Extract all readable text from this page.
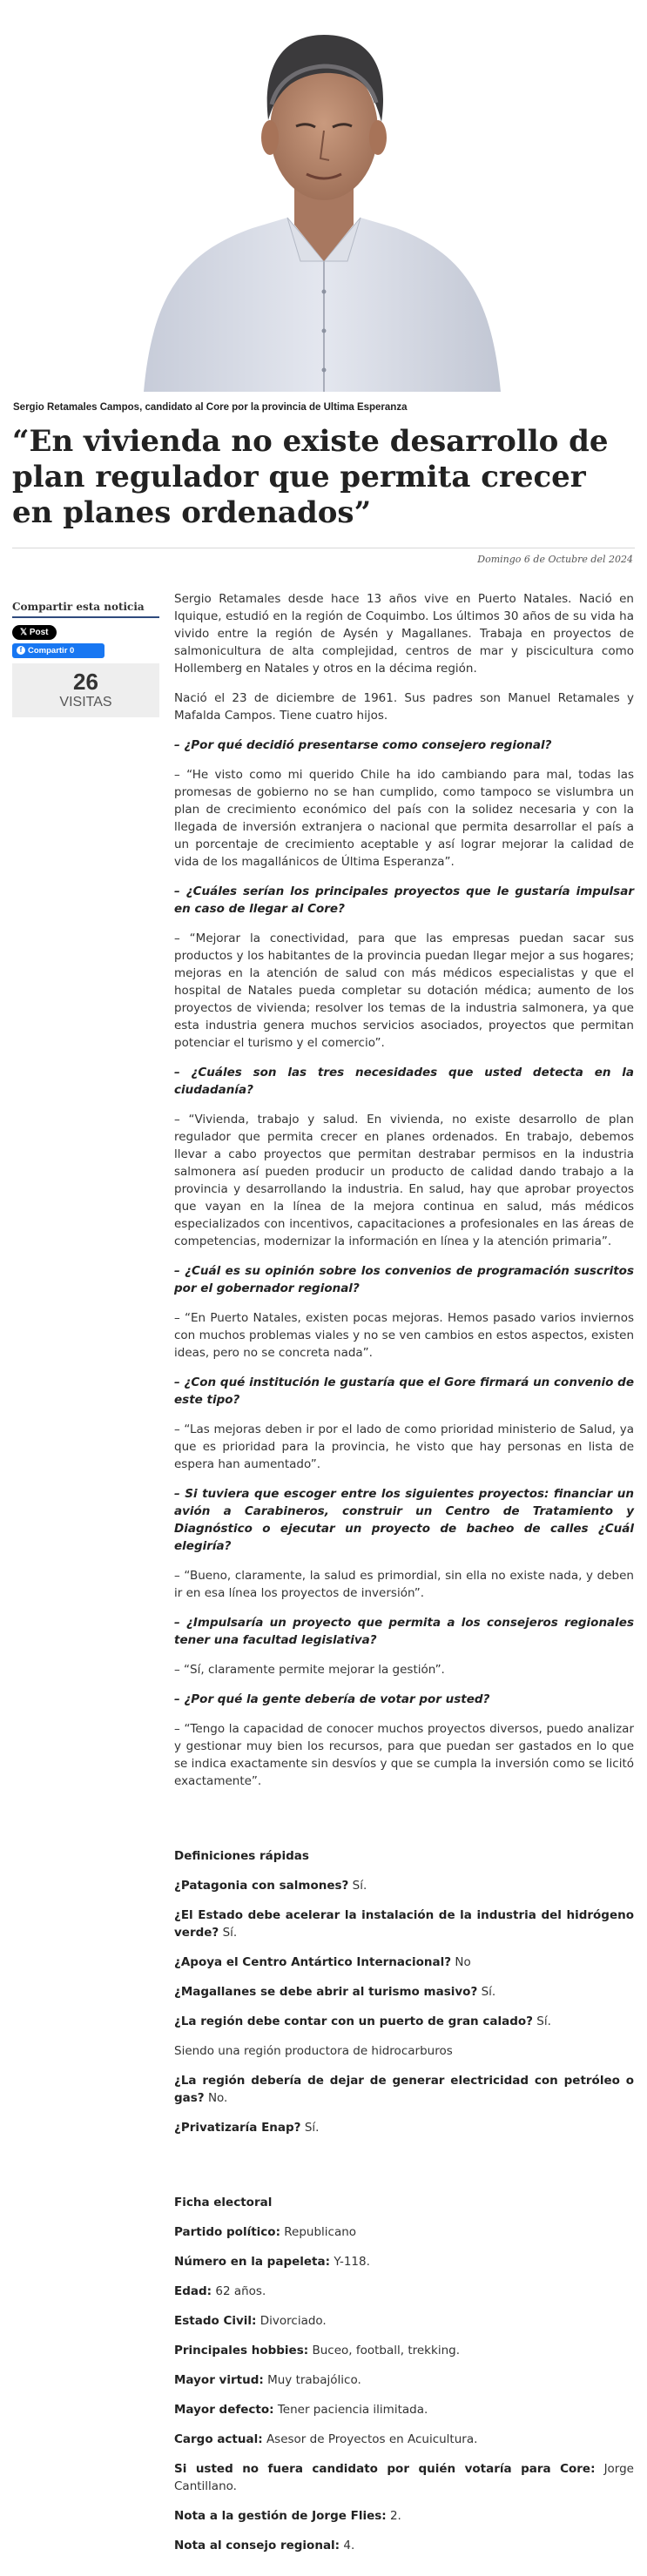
Sergio Retamales Campos, candidato al Core por la provincia de Ultima Esperanza
“En vivienda no existe desarrollo de plan regulador que permita crecer en planes ordenados”
Domingo 6 de Octubre del 2024
Compartir esta noticia
𝕏 Post
f Compartir 0
26
VISITAS

Sergio Retamales desde hace 13 años vive en Puerto Natales. Nació en Iquique, estudió en la región de Coquimbo. Los últimos 30 años de su vida ha vivido entre la región de Aysén y Magallanes. Trabaja en proyectos de salmonicultura de alta complejidad, centros de mar y piscicultura como Hollemberg en Natales y otros en la décima región.

Nació el 23 de diciembre de 1961. Sus padres son Manuel Retamales y Mafalda Campos. Tiene cuatro hijos.

– ¿Por qué decidió presentarse como consejero regional?

– “He visto como mi querido Chile ha ido cambiando para mal, todas las promesas de gobierno no se han cumplido, como tampoco se vislumbra un plan de crecimiento económico del país con la solidez necesaria y con la llegada de inversión extranjera o nacional que permita desarrollar el país a un porcentaje de crecimiento aceptable y así lograr mejorar la calidad de vida de los magallánicos de Última Esperanza”.

– ¿Cuáles serían los principales proyectos que le gustaría impulsar en caso de llegar al Core?

– “Mejorar la conectividad, para que las empresas puedan sacar sus productos y los habitantes de la provincia puedan llegar mejor a sus hogares; mejoras en la atención de salud con más médicos especialistas y que el hospital de Natales pueda completar su dotación médica; aumento de los proyectos de vivienda; resolver los temas de la industria salmonera, ya que esta industria genera muchos servicios asociados, proyectos que permitan potenciar el turismo y el comercio”.

– ¿Cuáles son las tres necesidades que usted detecta en la ciudadanía?

– “Vivienda, trabajo y salud. En vivienda, no existe desarrollo de plan regulador que permita crecer en planes ordenados. En trabajo, debemos llevar a cabo proyectos que permitan destrabar permisos en la industria salmonera así pueden producir un producto de calidad dando trabajo a la provincia y desarrollando la industria. En salud, hay que aprobar proyectos que vayan en la línea de la mejora continua en salud, más médicos especializados con incentivos, capacitaciones a profesionales en las áreas de competencias, modernizar la información en línea y la atención primaria”.

– ¿Cuál es su opinión sobre los convenios de programación suscritos por el gobernador regional?

– “En Puerto Natales, existen pocas mejoras. Hemos pasado varios inviernos con muchos problemas viales y no se ven cambios en estos aspectos, existen ideas, pero no se concreta nada”.

– ¿Con qué institución le gustaría que el Gore firmará un convenio de este tipo?

– “Las mejoras deben ir por el lado de como prioridad ministerio de Salud, ya que es prioridad para la provincia, he visto que hay personas en lista de espera han aumentado”.

– Si tuviera que escoger entre los siguientes proyectos: financiar un avión a Carabineros, construir un Centro de Tratamiento y Diagnóstico o ejecutar un proyecto de bacheo de calles ¿Cuál elegiría?

– “Bueno, claramente, la salud es primordial, sin ella no existe nada, y deben ir en esa línea los proyectos de inversión”.

– ¿Impulsaría un proyecto que permita a los consejeros regionales tener una facultad legislativa?

– “Sí, claramente permite mejorar la gestión”.

– ¿Por qué la gente debería de votar por usted?

– “Tengo la capacidad de conocer muchos proyectos diversos, puedo analizar y gestionar muy bien los recursos, para que puedan ser gastados en lo que se indica exactamente sin desvíos y que se cumpla la inversión como se licitó exactamente”.

Definiciones rápidas

¿Patagonia con salmones? Sí.

¿El Estado debe acelerar la instalación de la industria del hidrógeno verde? Sí.

¿Apoya el Centro Antártico Internacional? No

¿Magallanes se debe abrir al turismo masivo? Sí.

¿La región debe contar con un puerto de gran calado? Sí.

Siendo una región productora de hidrocarburos

¿La región debería de dejar de generar electricidad con petróleo o gas? No.

¿Privatizaría Enap? Sí.

Ficha electoral

Partido político: Republicano

Número en la papeleta: Y-118.

Edad: 62 años.

Estado Civil: Divorciado.

Principales hobbies: Buceo, football, trekking.

Mayor virtud: Muy trabajólico.

Mayor defecto: Tener paciencia ilimitada.

Cargo actual: Asesor de Proyectos en Acuicultura.

Si usted no fuera candidato por quién votaría para Core: Jorge Cantillano.

Nota a la gestión de Jorge Flies: 2.

Nota al consejo regional: 4.
